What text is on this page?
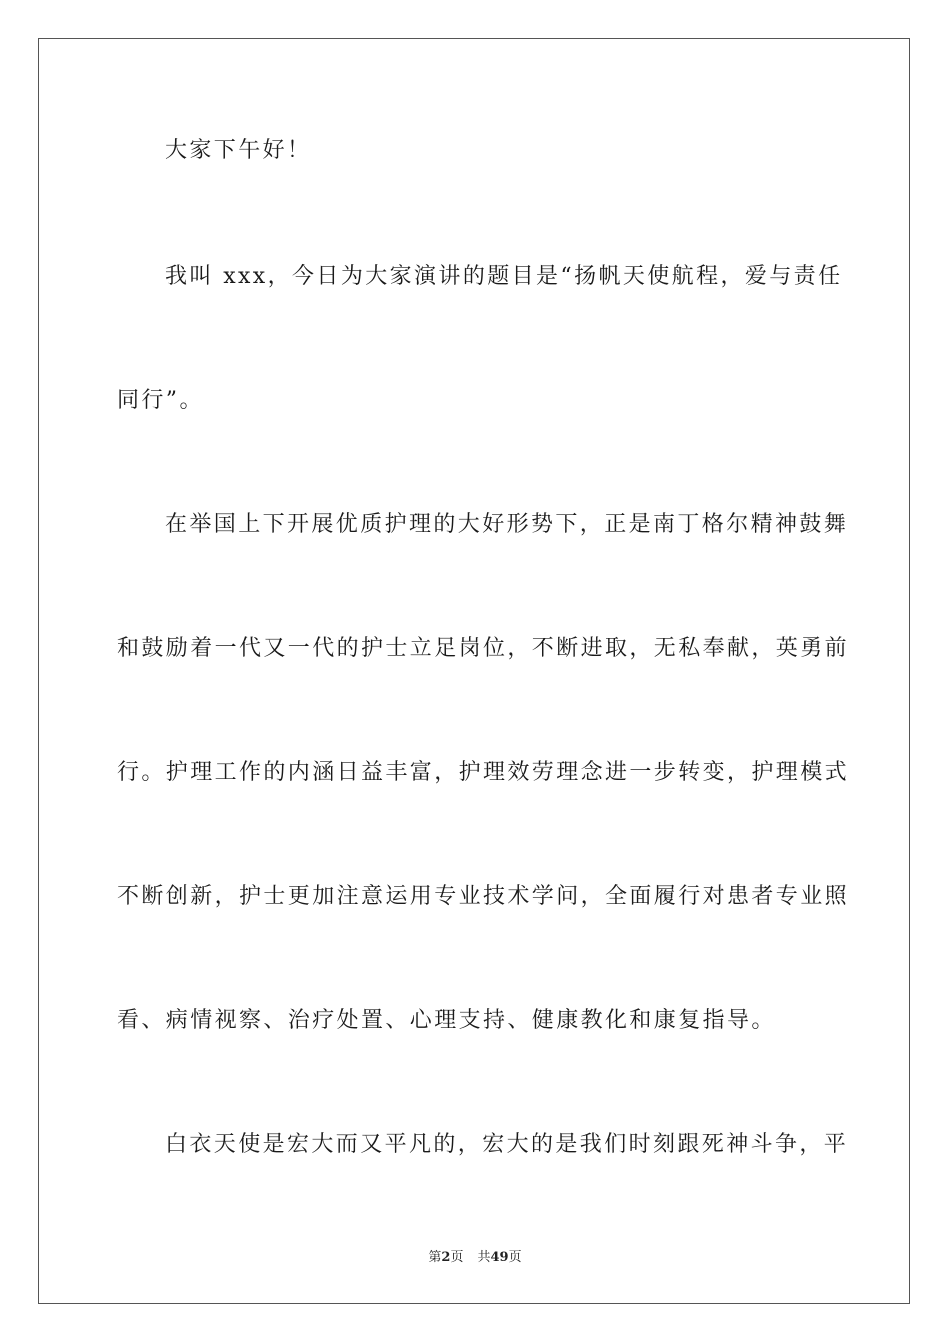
大家下午好！
我叫 xxx，今日为大家演讲的题目是“扬帆天使航程，爱与责任
同行”。
在举国上下开展优质护理的大好形势下，正是南丁格尔精神鼓舞
和鼓励着一代又一代的护士立足岗位，不断进取，无私奉献，英勇前
行。护理工作的内涵日益丰富，护理效劳理念进一步转变，护理模式
不断创新，护士更加注意运用专业技术学问，全面履行对患者专业照
看、病情视察、治疗处置、心理支持、健康教化和康复指导。
白衣天使是宏大而又平凡的，宏大的是我们时刻跟死神斗争，平
第2页 共49页
